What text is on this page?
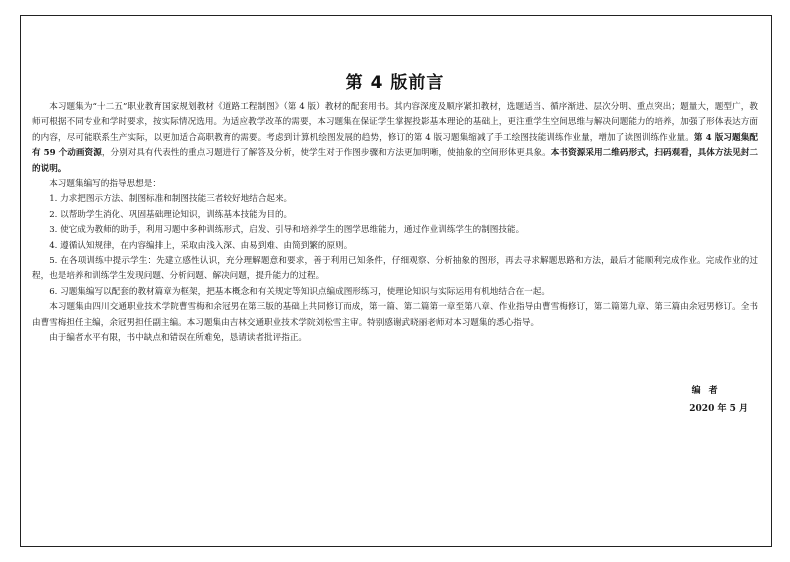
第 4 版前言

本习题集为“十二五”职业教育国家规划教材《道路工程制图》（第 4 版）教材的配套用书。其内容深度及顺序紧扣教材，选题适当、循序渐进、层次分明、重点突出；题量大，题型广，教师可根据不同专业和学时要求，按实际情况选用。为适应教学改革的需要，本习题集在保证学生掌握投影基本理论的基础上，更注重学生空间思维与解决问题能力的培养，加强了形体表达方面的内容，尽可能联系生产实际，以更加适合高职教育的需要。考虑到计算机绘图发展的趋势，修订的第 4 版习题集缩减了手工绘图技能训练作业量，增加了读图训练作业量。第 4 版习题集配有 59 个动画资源，分别对具有代表性的重点习题进行了解答及分析，使学生对于作图步骤和方法更加明晰，使抽象的空间形体更具象。本书资源采用二维码形式，扫码观看，具体方法见封二的说明。

本习题集编写的指导思想是：

1. 力求把图示方法、制图标准和制图技能三者较好地结合起来。

2. 以帮助学生消化、巩固基础理论知识，训练基本技能为目的。

3. 使它成为教师的助手，利用习题中多种训练形式，启发、引导和培养学生的图学思维能力，通过作业训练学生的制图技能。

4. 遵循认知规律，在内容编排上，采取由浅入深、由易到难、由简到繁的原则。

5. 在各项训练中提示学生：先建立感性认识，充分理解题意和要求，善于利用已知条件，仔细观察、分析抽象的图形，再去寻求解题思路和方法，最后才能顺利完成作业。完成作业的过程，也是培养和训练学生发现问题、分析问题、解决问题，提升能力的过程。

6. 习题集编写以配套的教材篇章为框架，把基本概念和有关规定等知识点编成图形练习，使理论知识与实际运用有机地结合在一起。

本习题集由四川交通职业技术学院曹雪梅和余冠男在第三版的基础上共同修订而成，第一篇、第二篇第一章至第八章、作业指导由曹雪梅修订，第二篇第九章、第三篇由余冠男修订。全书由曹雪梅担任主编，余冠男担任副主编。本习题集由吉林交通职业技术学院刘松雪主审。特别感谢武晓丽老师对本习题集的悉心指导。

由于编者水平有限，书中缺点和错误在所难免，恳请读者批评指正。

编者
2020 年 5 月
